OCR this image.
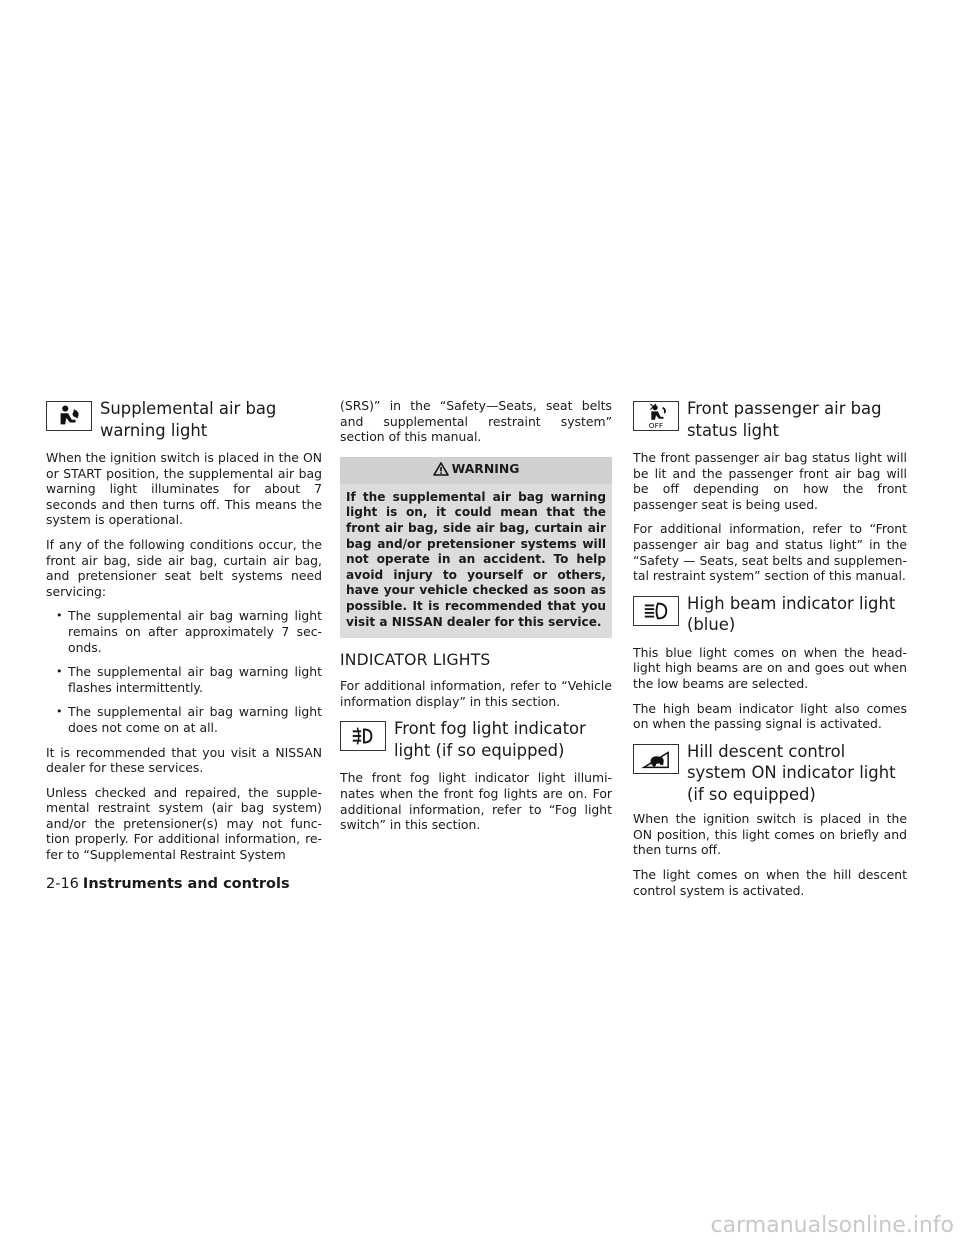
Supplemental air bag warning light

When the ignition switch is placed in the ON or START position, the supplemental air bag warning light illuminates for about 7 seconds and then turns off. This means the system is operational.

If any of the following conditions occur, the front air bag, side air bag, curtain air bag, and pretensioner seat belt systems need servicing:

• The supplemental air bag warning light remains on after approximately 7 sec-onds.
• The supplemental air bag warning light flashes intermittently.
• The supplemental air bag warning light does not come on at all.

It is recommended that you visit a NISSAN dealer for these services.

Unless checked and repaired, the supple-mental restraint system (air bag system) and/or the pretensioner(s) may not func-tion properly. For additional information, re-fer to “Supplemental Restraint System

(SRS)” in the “Safety—Seats, seat belts and supplemental restraint system” section of this manual.

WARNING
If the supplemental air bag warning light is on, it could mean that the front air bag, side air bag, curtain air bag and/or pretensioner systems will not operate in an accident. To help avoid injury to yourself or others, have your vehicle checked as soon as possible. It is recommended that you visit a NISSAN dealer for this service.
INDICATOR LIGHTS

For additional information, refer to “Vehicle information display” in this section.

Front fog light indicator light (if so equipped)

The front fog light indicator light illumi-nates when the front fog lights are on. For additional information, refer to “Fog light switch” in this section.

OFF
Front passenger air bag status light

The front passenger air bag status light will be lit and the passenger front air bag will be off depending on how the front passenger seat is being used.

For additional information, refer to “Front passenger air bag and status light” in the “Safety — Seats, seat belts and supplemen-tal restraint system” section of this manual.

High beam indicator light (blue)

This blue light comes on when the head-light high beams are on and goes out when the low beams are selected.

The high beam indicator light also comes on when the passing signal is activated.

Hill descent control system ON indicator light (if so equipped)

When the ignition switch is placed in the ON position, this light comes on briefly and then turns off.

The light comes on when the hill descent control system is activated.

2-16 Instruments and controls
carmanualsonline.info
